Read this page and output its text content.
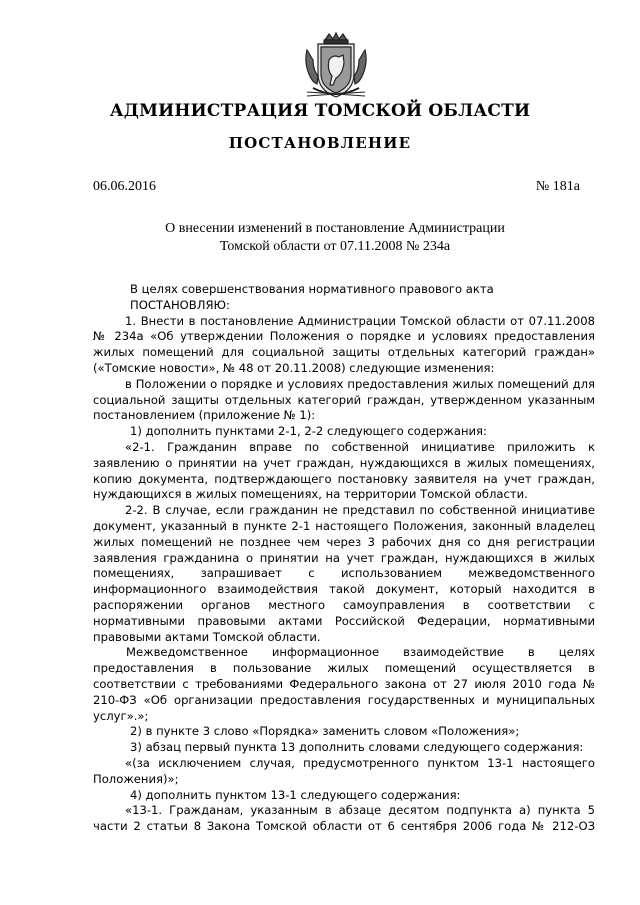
АДМИНИСТРАЦИЯ ТОМСКОЙ ОБЛАСТИ
ПОСТАНОВЛЕНИЕ
06.06.2016	№ 181а
О внесении изменений в постановление Администрации
Томской области от 07.11.2008 № 234а

В целях совершенствования нормативного правового акта

ПОСТАНОВЛЯЮ:

1. Внести в постановление Администрации Томской области от 07.11.2008 № 234а «Об утверждении Положения о порядке и условиях предоставления жилых помещений для социальной защиты отдельных категорий граждан» («Томские новости», № 48 от 20.11.2008) следующие изменения:

в Положении о порядке и условиях предоставления жилых помещений для социальной защиты отдельных категорий граждан, утвержденном указанным постановлением (приложение № 1):

1) дополнить пунктами 2-1, 2-2 следующего содержания:

«2-1. Гражданин вправе по собственной инициативе приложить к заявлению о принятии на учет граждан, нуждающихся в жилых помещениях, копию документа, подтверждающего постановку заявителя на учет граждан, нуждающихся в жилых помещениях, на территории Томской области.

2-2. В случае, если гражданин не представил по собственной инициативе документ, указанный в пункте 2-1 настоящего Положения, законный владелец жилых помещений не позднее чем через 3 рабочих дня со дня регистрации заявления гражданина о принятии на учет граждан, нуждающихся в жилых помещениях, запрашивает с использованием межведомственного информационного взаимодействия такой документ, который находится в распоряжении органов местного самоуправления в соответствии с нормативными правовыми актами Российской Федерации, нормативными правовыми актами Томской области.

Межведомственное информационное взаимодействие в целях предоставления в пользование жилых помещений осуществляется в соответствии с требованиями Федерального закона от 27 июля 2010 года № 210-ФЗ «Об организации предоставления государственных и муниципальных услуг».»;

2) в пункте 3 слово «Порядка» заменить словом «Положения»;

3) абзац первый пункта 13 дополнить словами следующего содержания:

«(за исключением случая, предусмотренного пунктом 13-1 настоящего Положения)»;

4) дополнить пунктом 13-1 следующего содержания:

«13-1. Гражданам, указанным в абзаце десятом подпункта а) пункта 5 части 2 статьи 8 Закона Томской области от 6 сентября 2006 года № 212-ОЗ
